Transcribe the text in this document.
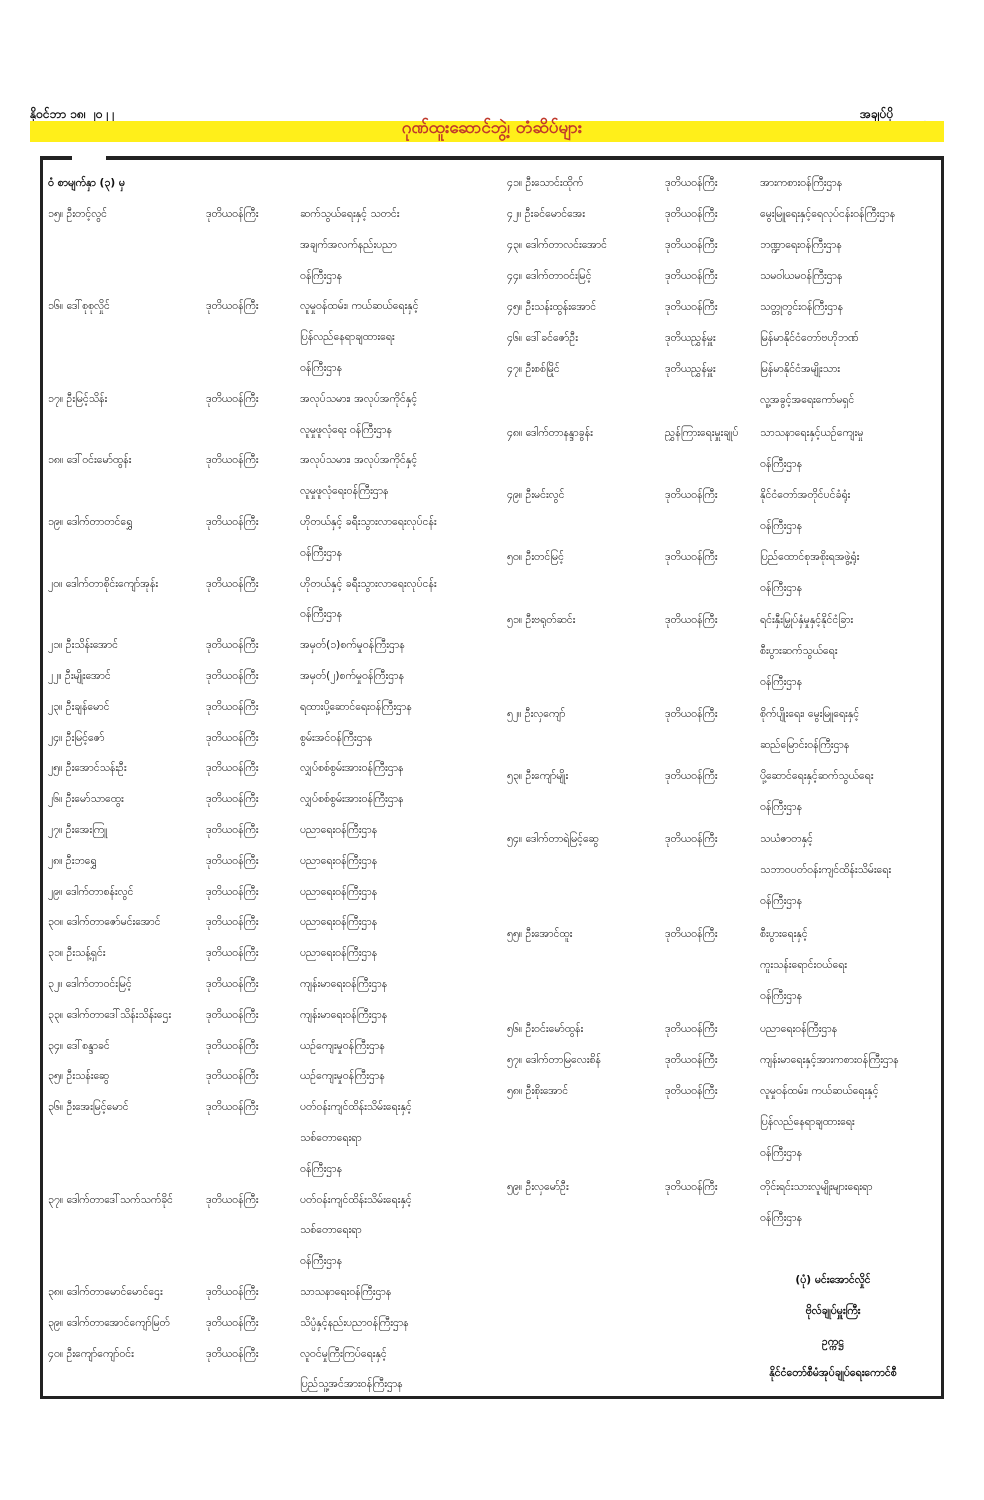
နိုဝင်ဘာ ၁၈၊ ၂၀၂၂	အချပ်ပို
ဂုဏ်ထူးဆောင်ဘွဲ့၊ တံဆိပ်များ
ဝံ စာမျက်နှာ (၃) မှ
၁၅။ ဦးတင့်လွင်	ဒုတိယဝန်ကြီး	ဆက်သွယ်ရေးနှင့် သတင်း
အချက်အလက်နည်းပညာ
ဝန်ကြီးဌာန
၁၆။ ဒေါ်စုစုလှိုင်	ဒုတိယဝန်ကြီး	လူမှုဝန်ထမ်း၊ ကယ်ဆယ်ရေးနှင့်
ပြန်လည်နေရာချထားရေး
ဝန်ကြီးဌာန
၁၇။ ဦးမြင့်သိန်း	ဒုတိယဝန်ကြီး	အလုပ်သမား၊ အလုပ်အကိုင်နှင့်
လူမှုဖူလုံရေး ဝန်ကြီးဌာန
၁၈။ ဒေါ်ဝင်းမော်ထွန်း	ဒုတိယဝန်ကြီး	အလုပ်သမား၊ အလုပ်အကိုင်နှင့်
လူမှုဖူလုံရေးဝန်ကြီးဌာန
၁၉။ ဒေါက်တာတင်ရွှေ	ဒုတိယဝန်ကြီး	ဟိုတယ်နှင့် ခရီးသွားလာရေးလုပ်ငန်း
ဝန်ကြီးဌာန
၂၀။ ဒေါက်တာစိုင်းကျော်အုန်း	ဒုတိယဝန်ကြီး	ဟိုတယ်နှင့် ခရီးသွားလာရေးလုပ်ငန်း
ဝန်ကြီးဌာန
၂၁။ ဦးသိန်းအောင်	ဒုတိယဝန်ကြီး	အမှတ်(၁)စက်မှုဝန်ကြီးဌာန
၂၂။ ဦးမျိုးအောင်	ဒုတိယဝန်ကြီး	အမှတ်(၂)စက်မှုဝန်ကြီးဌာန
၂၃။ ဦးချန်မောင်	ဒုတိယဝန်ကြီး	ရထားပို့ဆောင်ရေးဝန်ကြီးဌာန
၂၄။ ဦးမြင့်ဇော်	ဒုတိယဝန်ကြီး	စွမ်းအင်ဝန်ကြီးဌာန
၂၅။ ဦးအောင်သန်းဦး	ဒုတိယဝန်ကြီး	လျှပ်စစ်စွမ်းအားဝန်ကြီးဌာန
၂၆။ ဦးမော်သာထွေး	ဒုတိယဝန်ကြီး	လျှပ်စစ်စွမ်းအားဝန်ကြီးဌာန
၂၇။ ဦးအေးကြူ	ဒုတိယဝန်ကြီး	ပညာရေးဝန်ကြီးဌာန
၂၈။ ဦးဘရွှေ	ဒုတိယဝန်ကြီး	ပညာရေးဝန်ကြီးဌာန
၂၉။ ဒေါက်တာစန်းလွင်	ဒုတိယဝန်ကြီး	ပညာရေးဝန်ကြီးဌာန
၃၀။ ဒေါက်တာဇော်မင်းအောင်	ဒုတိယဝန်ကြီး	ပညာရေးဝန်ကြီးဌာန
၃၁။ ဦးသန့်ရှင်း	ဒုတိယဝန်ကြီး	ပညာရေးဝန်ကြီးဌာန
၃၂။ ဒေါက်တာဝင်းမြင့်	ဒုတိယဝန်ကြီး	ကျန်းမာရေးဝန်ကြီးဌာန
၃၃။ ဒေါက်တာဒေါ်သိန်းသိန်းဌေး	ဒုတိယဝန်ကြီး	ကျန်းမာရေးဝန်ကြီးဌာန
၃၄။ ဒေါ်စန္ဒာခင်	ဒုတိယဝန်ကြီး	ယဉ်ကျေးမှုဝန်ကြီးဌာန
၃၅။ ဦးသန်းဆွေ	ဒုတိယဝန်ကြီး	ယဉ်ကျေးမှုဝန်ကြီးဌာန
၃၆။ ဦးအေးမြင့်မောင်	ဒုတိယဝန်ကြီး	ပတ်ဝန်းကျင်ထိန်းသိမ်းရေးနှင့်
သစ်တောရေးရာ
ဝန်ကြီးဌာန
၃၇။ ဒေါက်တာဒေါ်သက်သက်ခိုင်	ဒုတိယဝန်ကြီး	ပတ်ဝန်းကျင်ထိန်းသိမ်းရေးနှင့်
သစ်တောရေးရာ
ဝန်ကြီးဌာန
၃၈။ ဒေါက်တာမောင်မောင်ဌေး	ဒုတိယဝန်ကြီး	သာသနာရေးဝန်ကြီးဌာန
၃၉။ ဒေါက်တာအောင်ကျော်မြတ်	ဒုတိယဝန်ကြီး	သိပ္ပံနှင့်နည်းပညာဝန်ကြီးဌာန
၄၀။ ဦးကျော်ကျော်ဝင်း	ဒုတိယဝန်ကြီး	လူဝင်မှုကြီးကြပ်ရေးနှင့်
ပြည်သူ့အင်အားဝန်ကြီးဌာန
၄၁။ ဦးသောင်းထိုက်	ဒုတိယဝန်ကြီး	အားကစားဝန်ကြီးဌာန
၄၂။ ဦးခင်မောင်အေး	ဒုတိယဝန်ကြီး	မွေးမြူရေးနှင့်ရေလုပ်ငန်းဝန်ကြီးဌာန
၄၃။ ဒေါက်တာလင်းအောင်	ဒုတိယဝန်ကြီး	ဘဏ္ဍာရေးဝန်ကြီးဌာန
၄၄။ ဒေါက်တာဝင်းမြင့်	ဒုတိယဝန်ကြီး	သမဝါယမဝန်ကြီးဌာန
၄၅။ ဦးသန်းထွန်းအောင်	ဒုတိယဝန်ကြီး	သတ္တုတွင်းဝန်ကြီးဌာန
၄၆။ ဒေါ်ခင်ဇော်ဦး	ဒုတိယညွှန်မှူး	မြန်မာနိုင်ငံတော်ဗဟိုဘဏ်
၄၇။ ဦးစစ်မြိုင်	ဒုတိယညွှန်မှူး	မြန်မာနိုင်ငံအမျိုးသား
လူ့အခွင့်အရေးကော်မရှင်
၄၈။ ဒေါက်တာနန္ဒာခွန်း	ညွှန်ကြားရေးမှူးချုပ် သာသနာရေးနှင့်ယဉ်ကျေးမှု
ဝန်ကြီးဌာန
၄၉။ ဦးမင်းလွင်	ဒုတိယဝန်ကြီး	နိုင်ငံတော်အတိုင်ပင်ခံရုံး
ဝန်ကြီးဌာန
၅၀။ ဦးတင်မြင့်	ဒုတိယဝန်ကြီး	ပြည်ထောင်စုအစိုးရအဖွဲ့ရုံး
ဝန်ကြီးဌာန
၅၁။ ဦးဗရုတ်ဆင်း	ဒုတိယဝန်ကြီး	ရင်းနှီးမြှုပ်နှံမှုနှင့်နိုင်ငံခြား
စီးပွားဆက်သွယ်ရေး
ဝန်ကြီးဌာန
၅၂။ ဦးလှကျော်	ဒုတိယဝန်ကြီး	စိုက်ပျိုးရေး၊ မွေးမြူရေးနှင့်
ဆည်မြောင်းဝန်ကြီးဌာန
၅၃။ ဦးကျော်မျိုး	ဒုတိယဝန်ကြီး	ပို့ဆောင်ရေးနှင့်ဆက်သွယ်ရေး
ဝန်ကြီးဌာန
၅၄။ ဒေါက်တာရဲမြင့်ဆွေ	ဒုတိယဝန်ကြီး	သယံဇာတနှင့်
သဘာဝပတ်ဝန်းကျင်ထိန်းသိမ်းရေး
ဝန်ကြီးဌာန
၅၅။ ဦးအောင်ထူး	ဒုတိယဝန်ကြီး	စီးပွားရေးနှင့်
ကူးသန်းရောင်းဝယ်ရေး
ဝန်ကြီးဌာန
၅၆။ ဦးဝင်းမော်ထွန်း	ဒုတိယဝန်ကြီး	ပညာရေးဝန်ကြီးဌာန
၅၇။ ဒေါက်တာမြလေးစိန်	ဒုတိယဝန်ကြီး	ကျန်းမာရေးနှင့်အားကစားဝန်ကြီးဌာန
၅၈။ ဦးစိုးအောင်	ဒုတိယဝန်ကြီး	လူမှုဝန်ထမ်း၊ ကယ်ဆယ်ရေးနှင့်
ပြန်လည်နေရာချထားရေး
ဝန်ကြီးဌာန
၅၉။ ဦးလှမော်ဦး	ဒုတိယဝန်ကြီး	တိုင်းရင်းသားလူမျိုးများရေးရာ
ဝန်ကြီးဌာန
(ပုံ) မင်းအောင်လှိုင်
ဗိုလ်ချုပ်မှူးကြီး
ဥက္ကဋ္ဌ
နိုင်ငံတော်စီမံအုပ်ချုပ်ရေးကောင်စီ
